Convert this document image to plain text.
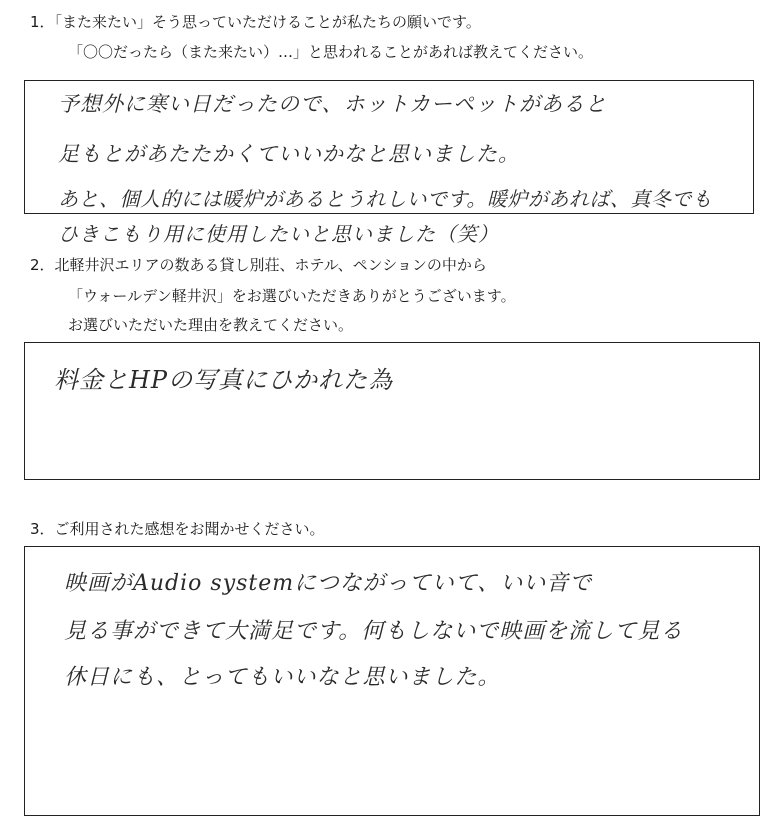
1．「また来たい」そう思っていただけることが私たちの願いです。
「〇〇だったら（また来たい）…」と思われることがあれば教えてください。
予想外に寒い日だったので、ホットカーペットがあると
足もとがあたたかくていいかなと思いました。
あと、個人的には暖炉があるとうれしいです。暖炉があれば、真冬でも
ひきこもり用に使用したいと思いました（笑）
2．北軽井沢エリアの数ある貸し別荘、ホテル、ペンションの中から
「ウォールデン軽井沢」をお選びいただきありがとうございます。
お選びいただいた理由を教えてください。
料金とHPの写真にひかれた為
3．ご利用された感想をお聞かせください。
映画がAudio systemにつながっていて、いい音で
見る事ができて大満足です。何もしないで映画を流して見る
休日にも、とってもいいなと思いました。
